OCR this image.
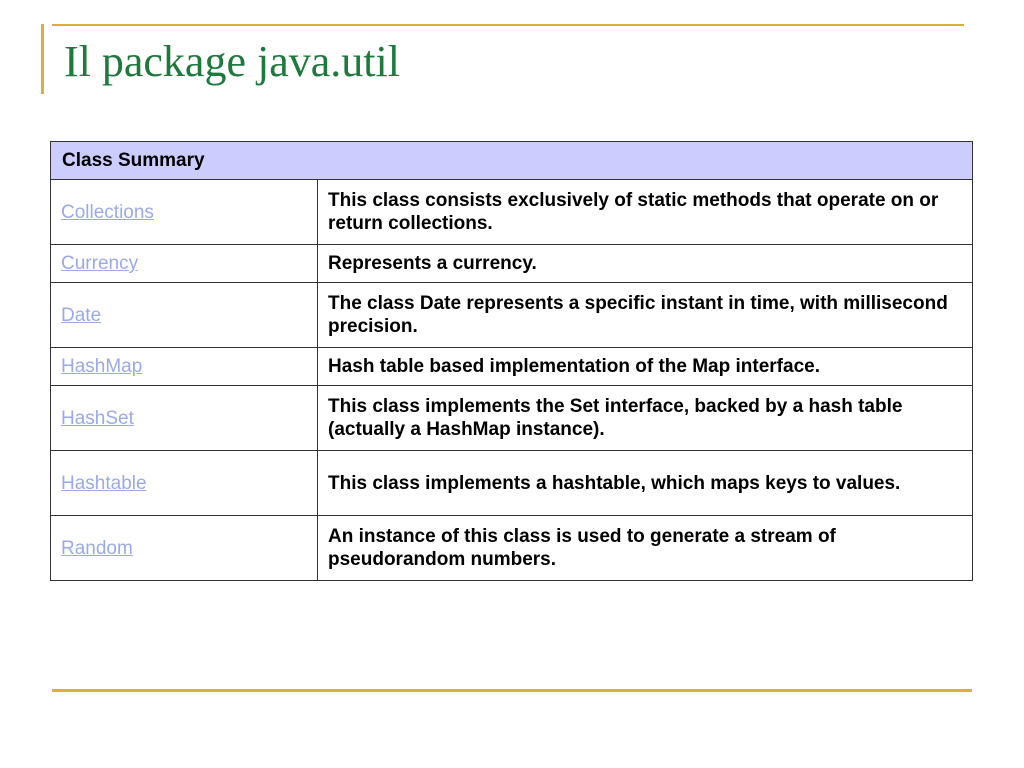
Il package java.util
Class Summary	
Collections	This class consists exclusively of static methods that operate on or return collections.
Currency	Represents a currency.
Date	The class Date represents a specific instant in time, with millisecond precision.
HashMap	Hash table based implementation of the Map interface.
HashSet	This class implements the Set interface, backed by a hash table (actually a HashMap instance).
Hashtable	This class implements a hashtable, which maps keys to values.
Random	An instance of this class is used to generate a stream of pseudorandom numbers.
